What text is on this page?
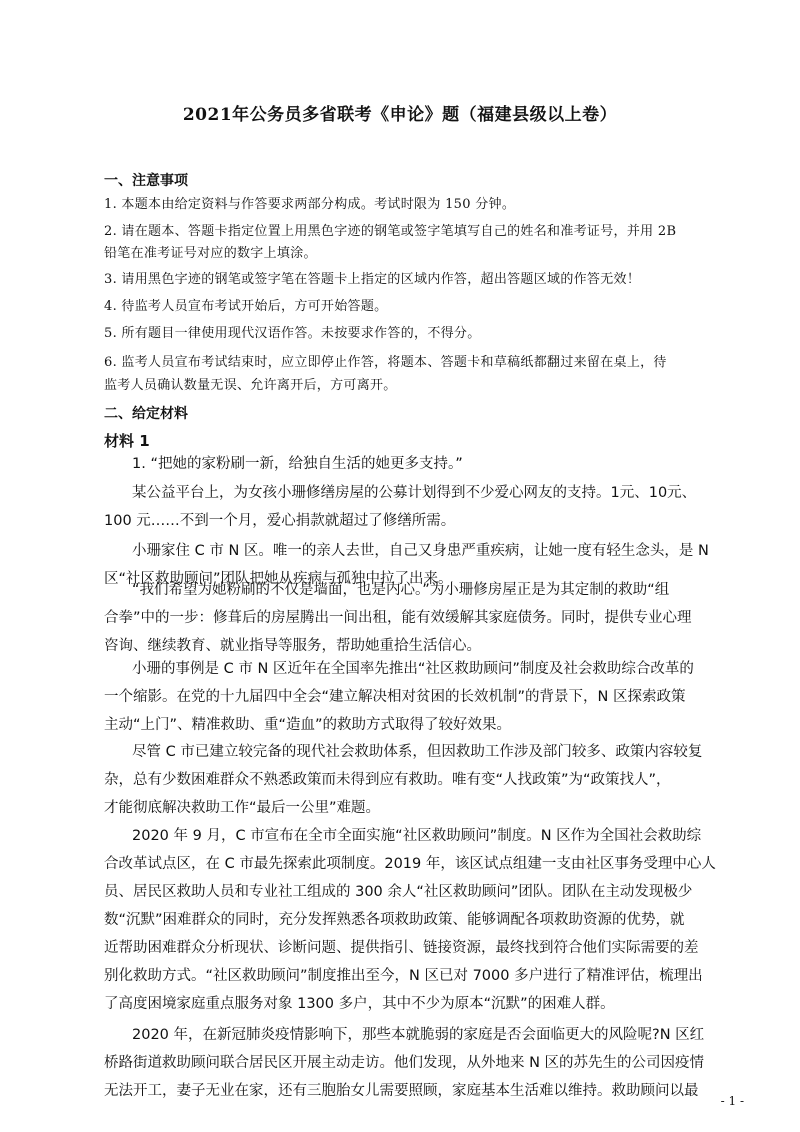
2021年公务员多省联考《申论》题（福建县级以上卷）
一、注意事项
1. 本题本由给定资料与作答要求两部分构成。考试时限为 150 分钟。
2. 请在题本、答题卡指定位置上用黑色字迹的钢笔或签字笔填写自己的姓名和准考证号，并用 2B
铅笔在准考证号对应的数字上填涂。
3. 请用黑色字迹的钢笔或签字笔在答题卡上指定的区域内作答，超出答题区域的作答无效！
4. 待监考人员宣布考试开始后，方可开始答题。
5. 所有题目一律使用现代汉语作答。未按要求作答的，不得分。
6. 监考人员宣布考试结束时，应立即停止作答，将题本、答题卡和草稿纸都翻过来留在桌上，待
监考人员确认数量无误、允许离开后，方可离开。
二、给定材料
材料 1
1. “把她的家粉刷一新，给独自生活的她更多支持。”
某公益平台上，为女孩小珊修缮房屋的公募计划得到不少爱心网友的支持。1元、10元、
100 元……不到一个月，爱心捐款就超过了修缮所需。
小珊家住 C 市 N 区。唯一的亲人去世，自己又身患严重疾病，让她一度有轻生念头，是 N
区“社区救助顾问”团队把她从疾病与孤独中拉了出来。
“我们希望为她粉刷的不仅是墙面，也是内心。”为小珊修房屋正是为其定制的救助“组
合拳”中的一步：修葺后的房屋腾出一间出租，能有效缓解其家庭债务。同时，提供专业心理
咨询、继续教育、就业指导等服务，帮助她重拾生活信心。
小珊的事例是 C 市 N 区近年在全国率先推出“社区救助顾问”制度及社会救助综合改革的
一个缩影。在党的十九届四中全会“建立解决相对贫困的长效机制”的背景下，N 区探索政策
主动“上门”、精准救助、重“造血”的救助方式取得了较好效果。
尽管 C 市已建立较完备的现代社会救助体系，但因救助工作涉及部门较多、政策内容较复
杂，总有少数困难群众不熟悉政策而未得到应有救助。唯有变“人找政策”为“政策找人”，
才能彻底解决救助工作“最后一公里”难题。
2020 年 9 月，C 市宣布在全市全面实施“社区救助顾问”制度。N 区作为全国社会救助综
合改革试点区，在 C 市最先探索此项制度。2019 年，该区试点组建一支由社区事务受理中心人
员、居民区救助人员和专业社工组成的 300 余人“社区救助顾问”团队。团队在主动发现极少
数“沉默”困难群众的同时，充分发挥熟悉各项救助政策、能够调配各项救助资源的优势，就
近帮助困难群众分析现状、诊断问题、提供指引、链接资源，最终找到符合他们实际需要的差
别化救助方式。“社区救助顾问”制度推出至今，N 区已对 7000 多户进行了精准评估，梳理出
了高度困境家庭重点服务对象 1300 多户，其中不少为原本“沉默”的困难人群。
2020 年，在新冠肺炎疫情影响下，那些本就脆弱的家庭是否会面临更大的风险呢?N 区红
桥路街道救助顾问联合居民区开展主动走访。他们发现，从外地来 N 区的苏先生的公司因疫情
无法开工，妻子无业在家，还有三胞胎女儿需要照顾，家庭基本生活难以维持。救助顾问以最
- 1 -
